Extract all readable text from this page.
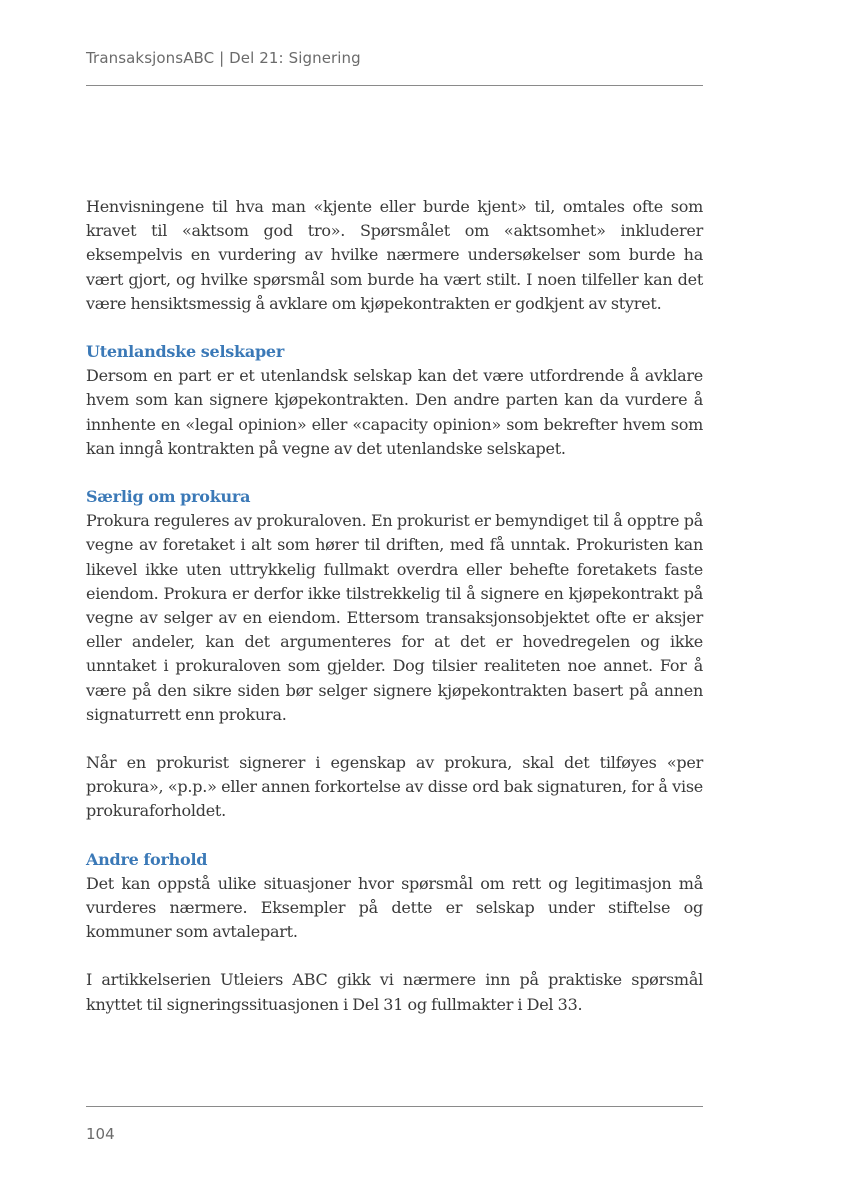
TransaksjonsABC | Del 21: Signering

Henvisningene til hva man «kjente eller burde kjent» til, omtales ofte som kravet til «aktsom god tro». Spørsmålet om «aktsomhet» inkluderer eksempelvis en vurdering av hvilke nærmere undersøkelser som burde ha vært gjort, og hvilke spørsmål som burde ha vært stilt. I noen tilfeller kan det være hensiktsmessig å avklare om kjøpekontrakten er godkjent av styret.

Utenlandske selskaper

Dersom en part er et utenlandsk selskap kan det være utfordrende å avklare hvem som kan signere kjøpekontrakten. Den andre parten kan da vurdere å innhente en «legal opinion» eller «capacity opinion» som bekrefter hvem som kan inngå kontrakten på vegne av det utenlandske selskapet.

Særlig om prokura

Prokura reguleres av prokuraloven. En prokurist er bemyndiget til å opptre på vegne av foretaket i alt som hører til driften, med få unntak. Prokuristen kan likevel ikke uten uttrykkelig fullmakt overdra eller behefte foretakets faste eiendom. Prokura er derfor ikke tilstrekkelig til å signere en kjøpekontrakt på vegne av selger av en eiendom. Ettersom transaksjonsobjektet ofte er aksjer eller andeler, kan det argumenteres for at det er hovedregelen og ikke unntaket i prokuraloven som gjelder. Dog tilsier realiteten noe annet. For å være på den sikre siden bør selger signere kjøpekontrakten basert på annen signaturrett enn prokura.

Når en prokurist signerer i egenskap av prokura, skal det tilføyes «per prokura», «p.p.» eller annen forkortelse av disse ord bak signaturen, for å vise prokuraforholdet.

Andre forhold

Det kan oppstå ulike situasjoner hvor spørsmål om rett og legitimasjon må vurderes nærmere. Eksempler på dette er selskap under stiftelse og kommuner som avtalepart.

I artikkelserien Utleiers ABC gikk vi nærmere inn på praktiske spørsmål knyttet til signeringssituasjonen i Del 31 og fullmakter i Del 33.

104
